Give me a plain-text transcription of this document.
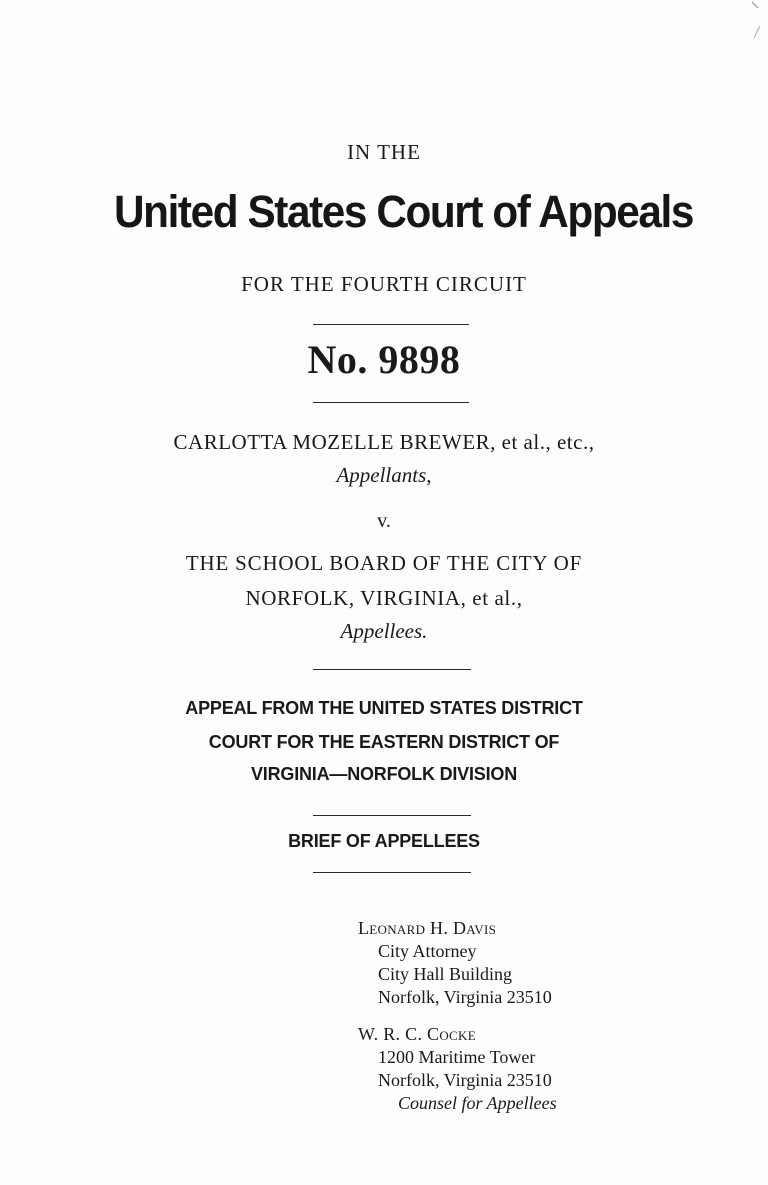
IN THE
United States Court of Appeals
FOR THE FOURTH CIRCUIT
No. 9898
CARLOTTA MOZELLE BREWER, et al., etc.,
Appellants,
v.
THE SCHOOL BOARD OF THE CITY OF
NORFOLK, VIRGINIA, et al.,
Appellees.
APPEAL FROM THE UNITED STATES DISTRICT
COURT FOR THE EASTERN DISTRICT OF
VIRGINIA—NORFOLK DIVISION
BRIEF OF APPELLEES
Leonard H. Davis
City Attorney
City Hall Building
Norfolk, Virginia 23510
W. R. C. Cocke
1200 Maritime Tower
Norfolk, Virginia 23510
Counsel for Appellees
